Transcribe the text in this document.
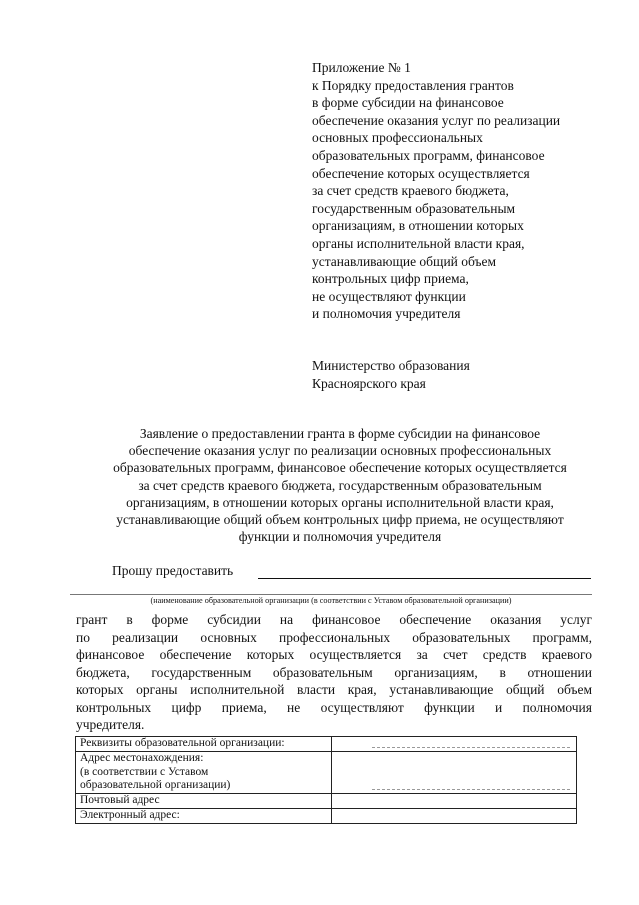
Приложение № 1
к Порядку предоставления грантов
в форме субсидии на финансовое
обеспечение оказания услуг по реализации
основных профессиональных
образовательных программ, финансовое
обеспечение которых осуществляется
за счет средств краевого бюджета,
государственным образовательным
организациям, в отношении которых
органы исполнительной власти края,
устанавливающие общий объем
контрольных цифр приема,
не осуществляют функции
и полномочия учредителя
Министерство образования
Красноярского края
Заявление о предоставлении гранта в форме субсидии на финансовое
обеспечение оказания услуг по реализации основных профессиональных
образовательных программ, финансовое обеспечение которых осуществляется
за счет средств краевого бюджета, государственным образовательным
организациям, в отношении которых органы исполнительной власти края,
устанавливающие общий объем контрольных цифр приема, не осуществляют
функции и полномочия учредителя
Прошу предоставить
(наименование образовательной организации (в соответствии с Уставом образовательной организации)
грант в форме субсидии на финансовое обеспечение оказания услуг
по реализации основных профессиональных образовательных программ,
финансовое обеспечение которых осуществляется за счет средств краевого
бюджета, государственным образовательным организациям, в отношении
которых органы исполнительной власти края, устанавливающие общий объем
контрольных цифр приема, не осуществляют функции и полномочия
учредителя.
Реквизиты образовательной организации:	

Адрес местонахождения:
(в соответствии с Уставом
образовательной организации)	

Почтовый адрес	

Электронный адрес:	
